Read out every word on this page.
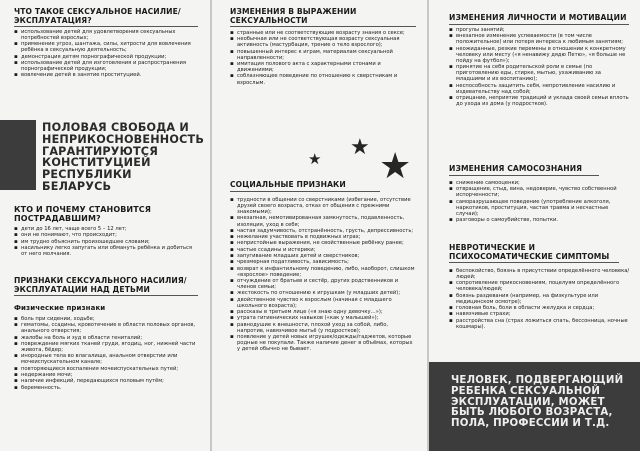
ЧТО ТАКОЕ СЕКСУАЛЬНОЕ НАСИЛИЕ/ЭКСПЛУАТАЦИЯ?
▪ использование детей для удовлетворения сексуальных потребностей взрослых;
▪ применение угроз, шантажа, силы, хитрости для вовлечения ребёнка в сексуальную деятельность;
▪ демонстрация детям порнографической продукции;
▪ использование детей для изготовления и распространения порнографической продукции;
▪ вовлечение детей в занятие проституцией.
ПОЛОВАЯ СВОБОДА И НЕПРИКОСНОВЕННОСТЬ ГАРАНТИРУЮТСЯ КОНСТИТУЦИЕЙ РЕСПУБЛИКИ БЕЛАРУСЬ
КТО И ПОЧЕМУ СТАНОВИТСЯ ПОСТРАДАВШИМ?
▪ дети до 16 лет, чаще всего 5 – 12 лет;
▪ они не понимают, что происходит;
▪ им трудно объяснить произошедшее словами;
▪ насильнику легко запугать или обмануть ребёнка и добиться от него молчания.
ПРИЗНАКИ СЕКСУАЛЬНОГО НАСИЛИЯ/ЭКСПЛУАТАЦИИ НАД ДЕТЬМИ
Физические признаки
▪ боль при сидении, ходьбе;
▪ гематомы, ссадины, кровотечение в области половых органов, анального отверстия;
▪ жалобы на боль и зуд в области гениталий;
▪ повреждение мягких тканей груди, ягодиц, ног, нижней части живота, бёдер;
▪ инородные тела во влагалище, анальном отверстии или мочеиспускательном канале;
▪ повторяющиеся воспаления мочеиспускательных путей;
▪ недержание мочи;
▪ наличие инфекций, передающихся половым путём;
▪ беременность.
ИЗМЕНЕНИЯ В ВЫРАЖЕНИИ СЕКСУАЛЬНОСТИ
▪ странные или не соответствующие возрасту знания о сексе;
▪ необычная или не соответствующая возрасту сексуальная активность (мастурбация, трение о тело взрослого);
▪ повышенный интерес к играм, материалам сексуальной направленности;
▪ имитация полового акта с характерными стонами и движениями;
▪ соблазняющее поведение по отношению к сверстникам и взрослым.
★ ★ ★
СОЦИАЛЬНЫЕ ПРИЗНАКИ
▪ трудности в общении со сверстниками (избегание, отсутствие друзей своего возраста, отказ от общения с прежними знакомыми);
▪ внезапная, немотивированная замкнутость, подавленность, изоляция, уход в себя;
▪ частая задумчивость, отстранённость, грусть, депрессивность;
▪ нежелание участвовать в подвижных играх;
▪ непристойные выражения, не свойственные ребёнку ранее;
▪ частые ссадины и истерики;
▪ запугивание младших детей и сверстников;
▪ чрезмерная податливость, зависимость;
▪ возврат к инфантильному поведению, либо, наоборот, слишком «взрослое» поведение;
▪ отчуждение от братьев и сестёр, других родственников и членов семьи;
▪ жестокость по отношению к игрушкам (у младших детей);
▪ двойственное чувство к взрослым (начиная с младшего школьного возраста);
▪ рассказы в третьем лице («я знаю одну девочку…»);
▪ утрата гигиенических навыков («как у малышей»);
▪ равнодушие к внешности, плохой уход за собой, либо, напротив, навязчивое мытьё (у подростков);
▪ появление у детей новых игрушек/одежды/гаджетов, которые родные не покупали. Также наличие денег в объёмах, которых у детей обычно не бывает.
ИЗМЕНЕНИЯ ЛИЧНОСТИ И МОТИВАЦИИ
▪ прогулы занятий;
▪ внезапное изменение успеваемости (в том числе положительное) или потеря интереса к любимым занятиям;
▪ неожиданные, резкие перемены в отношении к конкретному человеку или месту («я ненавижу дядю Петю», «я больше не пойду на футбол»);
▪ принятие на себя родительской роли в семье (по приготовлению еды, стирке, мытью, ухаживанию за младшими и их воспитанию);
▪ неспособность защитить себя, непротивление насилию и издевательству над собой;
▪ отрицание, неприятие традиций и уклада своей семьи вплоть до ухода из дома (у подростков).
ИЗМЕНЕНИЯ САМОСОЗНАНИЯ
▪ снижение самооценки;
▪ отвращение, стыд, вина, недоверие, чувство собственной испорченности;
▪ саморазрушающее поведение (употребление алкоголя, наркотиков, проституция, частая травма и несчастные случаи);
▪ разговоры о самоубийстве, попытки.
НЕВРОТИЧЕСКИЕ И ПСИХОСОМАТИЧЕСКИЕ СИМПТОМЫ
▪ беспокойство, боязнь в присутствии определённого человека/людей;
▪ сопротивление прикосновениям, поцелуям определённого человека/людей;
▪ боязнь раздевания (например, на физкультуре или медицинском осмотре);
▪ головная боль, боли в области желудка и сердца;
▪ навязчивые страхи;
▪ расстройства сна (страх ложиться спать, бессонница, ночные кошмары).
ЧЕЛОВЕК, ПОДВЕРГАЮЩИЙ РЕБЕНКА СЕКСУАЛЬНОЙ ЭКСПЛУАТАЦИИ, МОЖЕТ БЫТЬ ЛЮБОГО ВОЗРАСТА, ПОЛА, ПРОФЕССИИ И Т.Д.
